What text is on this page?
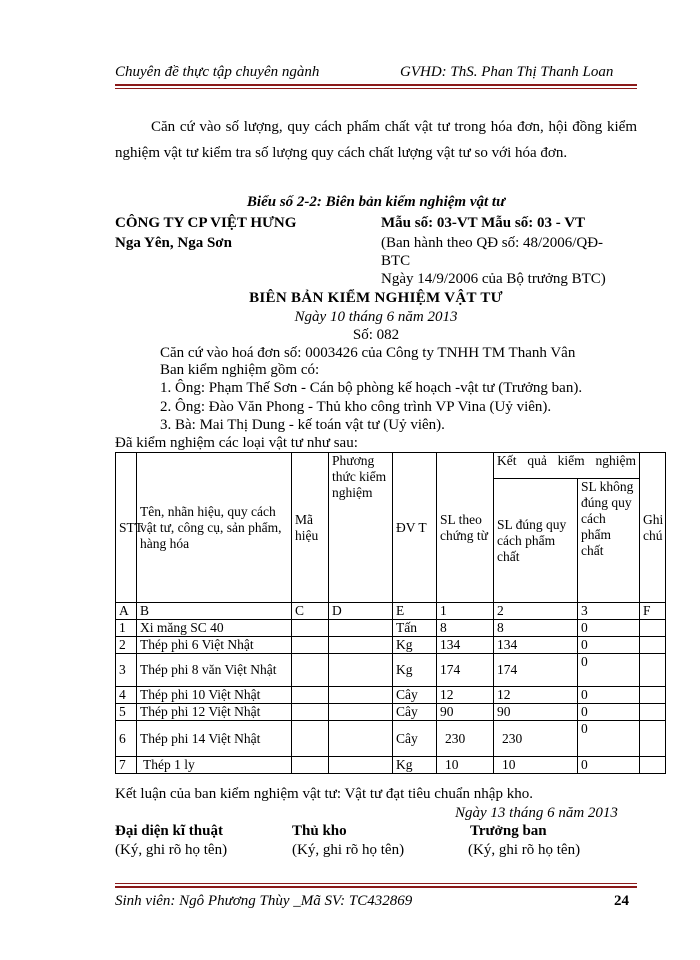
Chuyên đề thực tập chuyên ngành	GVHD: ThS. Phan Thị Thanh Loan
Căn cứ vào số lượng, quy cách phẩm chất vật tư trong hóa đơn, hội đồng kiểm nghiệm vật tư kiểm tra số lượng quy cách chất lượng vật tư so với hóa đơn.
Biểu số 2-2: Biên bản kiểm nghiệm vật tư
CÔNG TY CP VIỆT HƯNG
Nga Yên, Nga Sơn
Mẫu số: 03-VT Mẫu số: 03 - VT
(Ban hành theo QĐ số: 48/2006/QĐ-
BTC
Ngày 14/9/2006 của Bộ trưởng BTC)
BIÊN BẢN KIỂM NGHIỆM VẬT TƯ
Ngày 10 tháng 6 năm 2013
Số: 082
Căn cứ vào hoá đơn số: 0003426 của Công ty TNHH TM Thanh Vân
Ban kiểm nghiệm gồm có:
1. Ông: Phạm Thế Sơn - Cán bộ phòng kế hoạch -vật tư (Trưởng ban).
2. Ông: Đào Văn Phong - Thủ kho công trình VP Vina (Uỷ viên).
3. Bà: Mai Thị Dung - kế toán vật tư (Uỷ viên).
Đã kiểm nghiệm các loại vật tư như sau:
STT	Tên, nhãn hiệu, quy cách vật tư, công cụ, sản phẩm, hàng hóa	Mã hiệu	Phương thức kiểm nghiệm	ĐV T	SL theo chứng từ	Kết quả kiểm nghiệm		Ghi chú
						SL đúng quy cách phẩm chất	SL không đúng quy cách phẩm chất	
A	B	C	D	E	1	2	3	F
1	Xi măng SC 40			Tấn	8	8	0	
2	Thép phi 6 Việt Nhật			Kg	134	134	0	
3	Thép phi 8 văn Việt Nhật			Kg	174	174	0	
4	Thép phi 10 Việt Nhật			Cây	12	12	0	
5	Thép phi 12 Việt Nhật			Cây	90	90	0	
6	Thép phi 14 Việt Nhật			Cây	230	230	0	
7	Thép 1 ly			Kg	10	10	0	
Kết luận của ban kiểm nghiệm vật tư: Vật tư đạt tiêu chuẩn nhập kho.
Ngày 13 tháng 6 năm 2013
Đại diện kĩ thuật	Thủ kho	Trưởng ban
(Ký, ghi rõ họ tên)	(Ký, ghi rõ họ tên)	(Ký, ghi rõ họ tên)
Sinh viên: Ngô Phương Thùy _Mã SV: TC432869	24
